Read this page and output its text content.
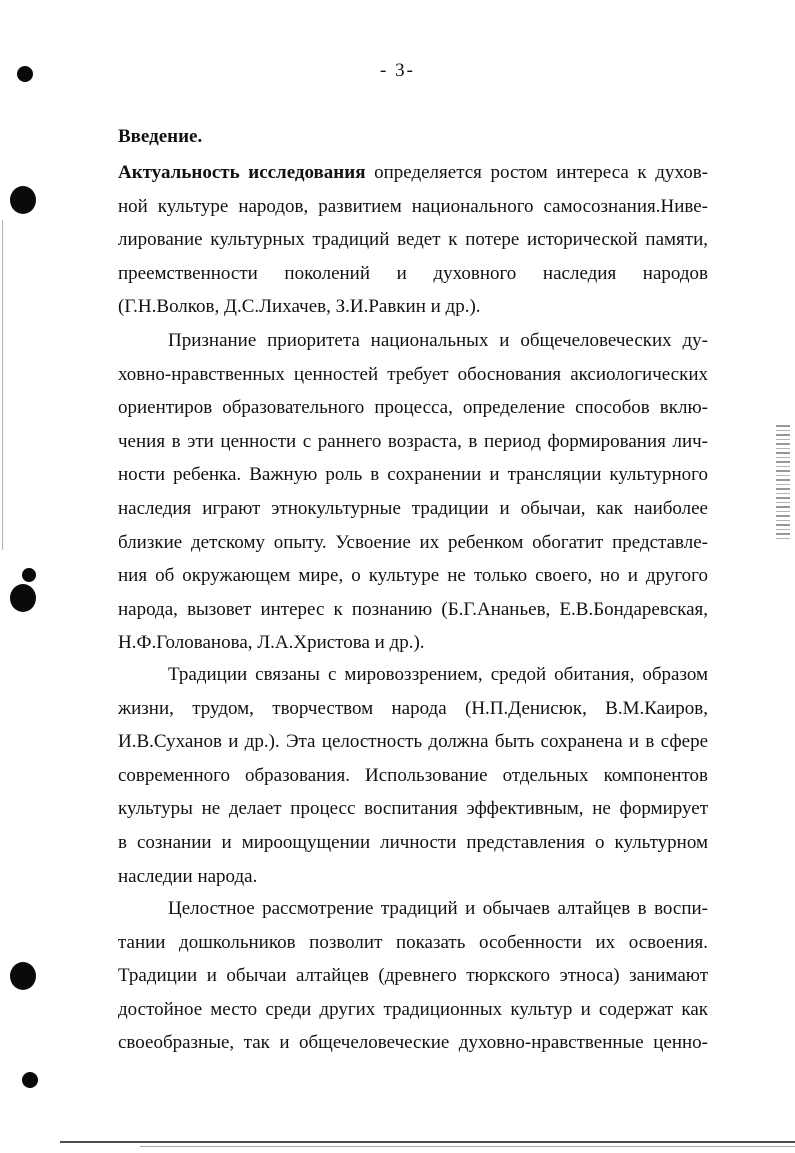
- 3-
Введение.
Актуальность исследования определяется ростом интереса к духов-
ной культуре народов, развитием национального самосознания.Ниве-
лирование культурных традиций ведет к потере исторической памяти,
преемственности поколений и духовного наследия народов
(Г.Н.Волков, Д.С.Лихачев, З.И.Равкин и др.).
Признание приоритета национальных и общечеловеческих ду-
ховно-нравственных ценностей требует обоснования аксиологических
ориентиров образовательного процесса, определение способов вклю-
чения в эти ценности с раннего возраста, в период формирования лич-
ности ребенка. Важную роль в сохранении и трансляции культурного
наследия играют этнокультурные традиции и обычаи, как наиболее
близкие детскому опыту. Усвоение их ребенком обогатит представле-
ния об окружающем мире, о культуре не только своего, но и другого
народа, вызовет интерес к познанию (Б.Г.Ананьев, Е.В.Бондаревская,
Н.Ф.Голованова, Л.А.Христова и др.).
Традиции связаны с мировоззрением, средой обитания, образом
жизни, трудом, творчеством народа (Н.П.Денисюк, В.М.Каиров,
И.В.Суханов и др.). Эта целостность должна быть сохранена и в сфере
современного образования. Использование отдельных компонентов
культуры не делает процесс воспитания эффективным, не формирует
в сознании и мироощущении личности представления о культурном
наследии народа.
Целостное рассмотрение традиций и обычаев алтайцев в воспи-
тании дошкольников позволит показать особенности их освоения.
Традиции и обычаи алтайцев (древнего тюркского этноса) занимают
достойное место среди других традиционных культур и содержат как
своеобразные, так и общечеловеческие духовно-нравственные ценно-
